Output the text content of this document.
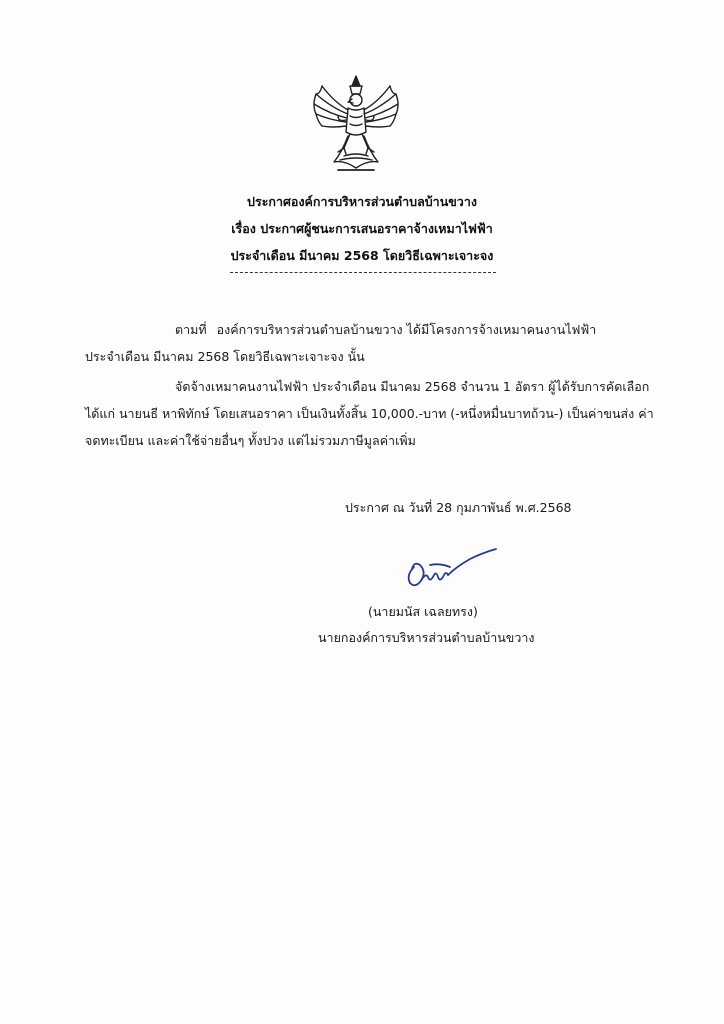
ประกาศองค์การบริหารส่วนตำบลบ้านขวาง
เรื่อง ประกาศผู้ชนะการเสนอราคาจ้างเหมาไฟฟ้า
ประจำเดือน มีนาคม 2568 โดยวิธีเฉพาะเจาะจง
ตามที่ องค์การบริหารส่วนตำบลบ้านขวาง ได้มีโครงการจ้างเหมาคนงานไฟฟ้า
ประจำเดือน มีนาคม 2568 โดยวิธีเฉพาะเจาะจง นั้น
จัดจ้างเหมาคนงานไฟฟ้า ประจำเดือน มีนาคม 2568 จำนวน 1 อัตรา ผู้ได้รับการคัดเลือก
ได้แก่ นายนธี หาพิทักษ์ โดยเสนอราคา เป็นเงินทั้งสิ้น 10,000.-บาท (-หนึ่งหมื่นบาทถ้วน-) เป็นค่าขนส่ง ค่า
จดทะเบียน และค่าใช้จ่ายอื่นๆ ทั้งปวง แต่ไม่รวมภาษีมูลค่าเพิ่ม
ประกาศ ณ วันที่ 28 กุมภาพันธ์ พ.ศ.2568
(นายมนัส เฉลยทรง)
นายกองค์การบริหารส่วนตำบลบ้านขวาง
